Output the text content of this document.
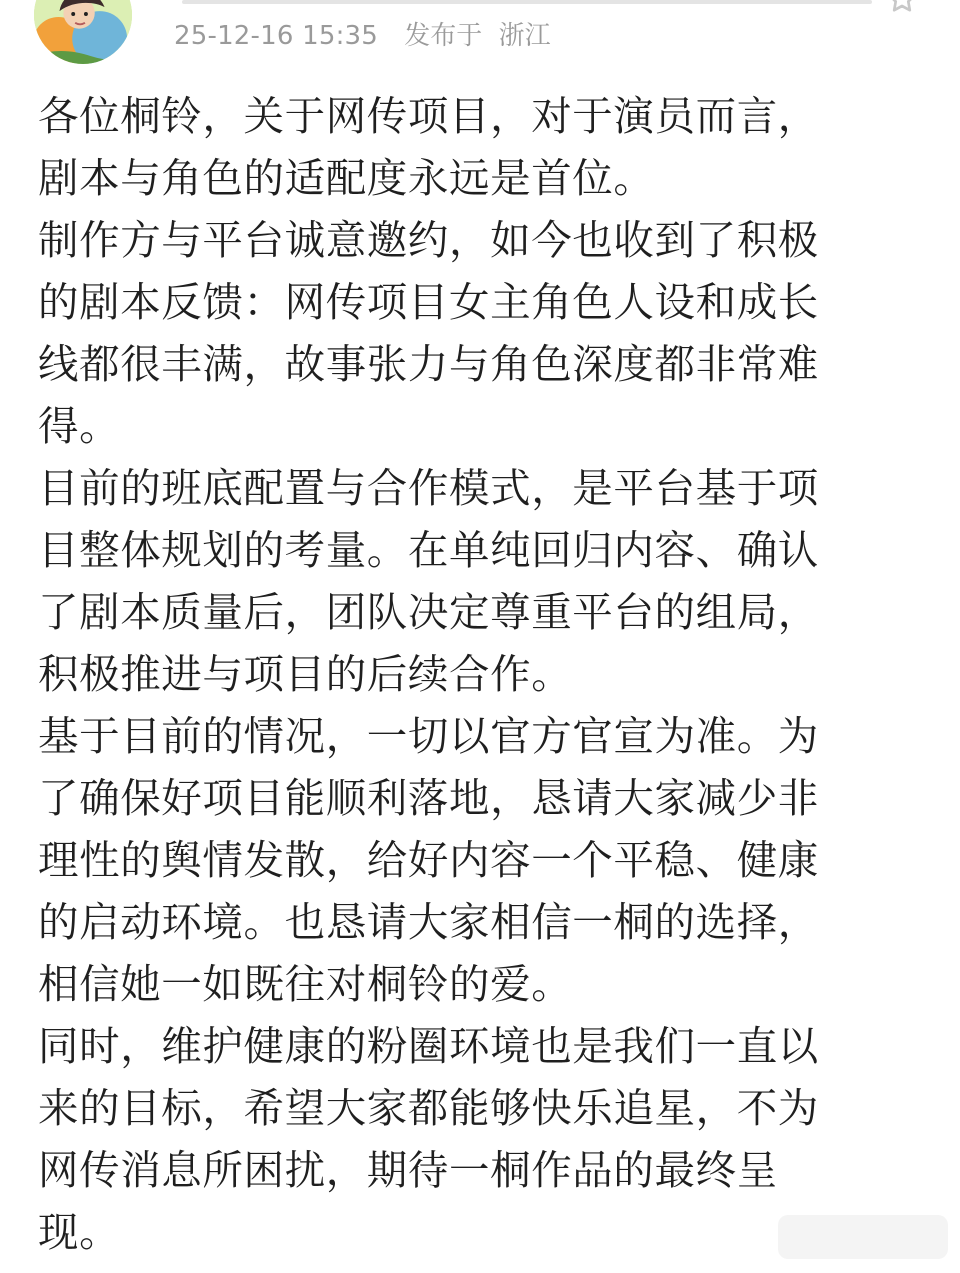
25-12-16 15:35 发布于 浙江
各位桐铃，关于网传项目，对于演员而言，
剧本与角色的适配度永远是首位。
制作方与平台诚意邀约，如今也收到了积极
的剧本反馈：网传项目女主角色人设和成长
线都很丰满，故事张力与角色深度都非常难
得。
目前的班底配置与合作模式，是平台基于项
目整体规划的考量。在单纯回归内容、确认
了剧本质量后，团队决定尊重平台的组局，
积极推进与项目的后续合作。
基于目前的情况，一切以官方官宣为准。为
了确保好项目能顺利落地，恳请大家减少非
理性的舆情发散，给好内容一个平稳、健康
的启动环境。也恳请大家相信一桐的选择，
相信她一如既往对桐铃的爱。
同时，维护健康的粉圈环境也是我们一直以
来的目标，希望大家都能够快乐追星，不为
网传消息所困扰，期待一桐作品的最终呈
现。
